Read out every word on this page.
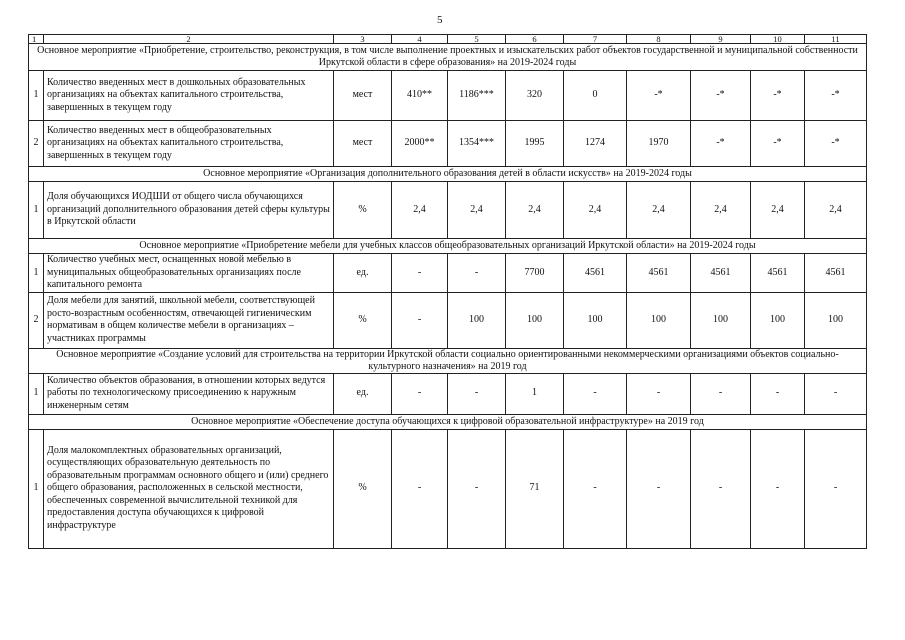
5
1	2	3	4	5	6	7	8	9	10	11
Основное мероприятие «Приобретение, строительство, реконструкция, в том числе выполнение проектных и изыскательских работ объектов государственной и муниципальной собственности Иркутской области в сфере образования» на 2019-2024 годы										
1	Количество введенных мест в дошкольных образовательных организациях на объектах капитального строительства, завершенных в текущем году	мест	410**	1186***	320	0	-*	-*	-*	-*
2	Количество введенных мест в общеобразовательных организациях на объектах капитального строительства, завершенных в текущем году	мест	2000**	1354***	1995	1274	1970	-*	-*	-*
Основное мероприятие «Организация дополнительного образования детей в области искусств» на 2019-2024 годы										
1	Доля обучающихся ИОДШИ от общего числа обучающихся организаций дополнительного образования детей сферы культуры в Иркутской области	%	2,4	2,4	2,4	2,4	2,4	2,4	2,4	2,4
Основное мероприятие «Приобретение мебели для учебных классов общеобразовательных организаций Иркутской области» на 2019-2024 годы										
1	Количество учебных мест, оснащенных новой мебелью в муниципальных общеобразовательных организациях после капитального ремонта	ед.	-	-	7700	4561	4561	4561	4561	4561
2	Доля мебели для занятий, школьной мебели, соответствующей росто-возрастным особенностям, отвечающей гигиеническим нормативам в общем количестве мебели в организациях – участниках программы	%	-	100	100	100	100	100	100	100
Основное мероприятие «Создание условий для строительства на территории Иркутской области социально ориентированными некоммерческими организациями объектов социально-культурного назначения» на 2019 год										
1	Количество объектов образования, в отношении которых ведутся работы по технологическому присоединению к наружным инженерным сетям	ед.	-	-	1	-	-	-	-	-
Основное мероприятие «Обеспечение доступа обучающихся к цифровой образовательной инфраструктуре» на 2019 год										
1	Доля малокомплектных образовательных организаций, осуществляющих образовательную деятельность по образовательным программам основного общего и (или) среднего общего образования, расположенных в сельской местности, обеспеченных современной вычислительной техникой для предоставления доступа обучающихся к цифровой инфраструктуре	%	-	-	71	-	-	-	-	-
